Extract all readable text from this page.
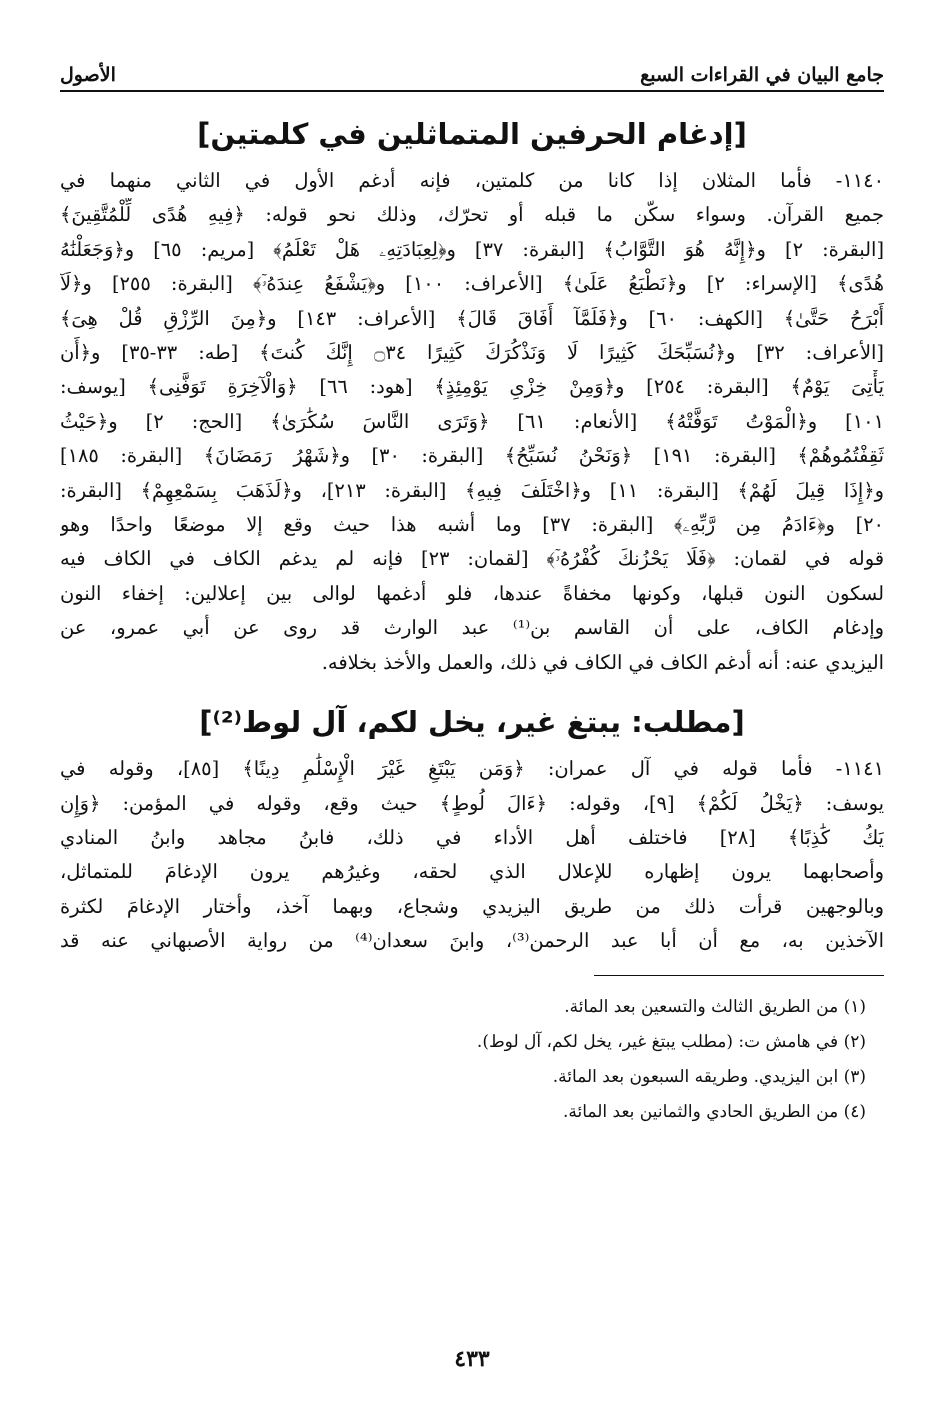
جامع البيان في القراءات السبع
الأصول
[إدغام الحرفين المتماثلين في كلمتين]

١١٤٠- فأما المثلان إذا كانا من كلمتين، فإنه أدغم الأول في الثاني منهما في
جميع القرآن. وسواء سكّن ما قبله أو تحرّك، وذلك نحو قوله: ﴿فِيهِ هُدًى لِّلْمُتَّقِينَ﴾
[البقرة: ٢] و﴿إِنَّهُ هُوَ التَّوَّابُ﴾ [البقرة: ٣٧] و﴿لِعِبَادَتِهِۦ هَلْ تَعْلَمُ﴾ [مريم: ٦٥] و﴿وَجَعَلْنَٰهُ
هُدًى﴾ [الإسراء: ٢] و﴿نَطْبَعُ عَلَىٰ﴾ [الأعراف: ١٠٠] و﴿يَشْفَعُ عِندَهُۥٓ﴾ [البقرة: ٢٥٥] و﴿لَآ
أَبْرَحُ حَتَّىٰ﴾ [الكهف: ٦٠] و﴿فَلَمَّآ أَفَاقَ قَالَ﴾ [الأعراف: ١٤٣] و﴿مِنَ الرِّزْقِ قُلْ هِىَ﴾
[الأعراف: ٣٢] و﴿نُسَبِّحَكَ كَثِيرًا لَا وَنَذْكُرَكَ كَثِيرًا ۝٣٤ إِنَّكَ كُنتَ﴾ [طه: ٣٣-٣٥] و﴿أَن
يَأْتِىَ يَوْمٌ﴾ [البقرة: ٢٥٤] و﴿وَمِنْ خِزْىِ يَوْمِئِذٍ﴾ [هود: ٦٦] ﴿وَالْآخِرَةِ تَوَفَّنِى﴾ [يوسف:
١٠١] و﴿الْمَوْتُ تَوَفَّتْهُ﴾ [الأنعام: ٦١] ﴿وَتَرَى النَّاسَ سُكَٰرَىٰ﴾ [الحج: ٢] و﴿حَيْثُ
ثَقِفْتُمُوهُمْ﴾ [البقرة: ١٩١] ﴿وَنَحْنُ نُسَبِّحُ﴾ [البقرة: ٣٠] و﴿شَهْرُ رَمَضَانَ﴾ [البقرة: ١٨٥]
و﴿إِذَا قِيلَ لَهُمْ﴾ [البقرة: ١١] و﴿اخْتَلَفَ فِيهِ﴾ [البقرة: ٢١٣]، و﴿لَذَهَبَ بِسَمْعِهِمْ﴾ [البقرة:
٢٠] و﴿ءَادَمُ مِن رَّبِّهِۦ﴾ [البقرة: ٣٧] وما أشبه هذا حيث وقع إلا موضعًا واحدًا وهو
قوله في لقمان: ﴿فَلَا يَحْزُنكَ كُفْرُهُۥٓ﴾ [لقمان: ٢٣] فإنه لم يدغم الكاف في الكاف فيه
لسكون النون قبلها، وكونها مخفاةً عندها، فلو أدغمها لوالى بين إعلالين: إخفاء النون
وإدغام الكاف، على أن القاسم بن⁽¹⁾ عبد الوارث قد روى عن أبي عمرو، عن
اليزيدي عنه: أنه أدغم الكاف في الكاف في ذلك، والعمل والأخذ بخلافه.

[مطلب: يبتغ غير، يخل لكم، آل لوط⁽²⁾]

١١٤١- فأما قوله في آل عمران: ﴿وَمَن يَبْتَغِ غَيْرَ الْإِسْلَٰمِ دِينًا﴾ [٨٥]، وقوله في
يوسف: ﴿يَخْلُ لَكُمْ﴾ [٩]، وقوله: ﴿ءَالَ لُوطٍ﴾ حيث وقع، وقوله في المؤمن: ﴿وَإِن
يَكُ كَٰذِبًا﴾ [٢٨] فاختلف أهل الأداء في ذلك، فابنُ مجاهد وابنُ المنادي
وأصحابهما يرون إظهاره للإعلال الذي لحقه، وغيرُهم يرون الإدغامَ للمتماثل،
وبالوجهين قرأت ذلك من طريق اليزيدي وشجاع، وبهما آخذ، وأختار الإدغامَ لكثرة
الآخذين به، مع أن أبا عبد الرحمن⁽³⁾، وابنَ سعدان⁽⁴⁾ من رواية الأصبهاني عنه قد

(١) من الطريق الثالث والتسعين بعد المائة.
(٢) في هامش ت: (مطلب يبتغ غير، يخل لكم، آل لوط).
(٣) ابن اليزيدي. وطريقه السبعون بعد المائة.
(٤) من الطريق الحادي والثمانين بعد المائة.
٤٣٣
